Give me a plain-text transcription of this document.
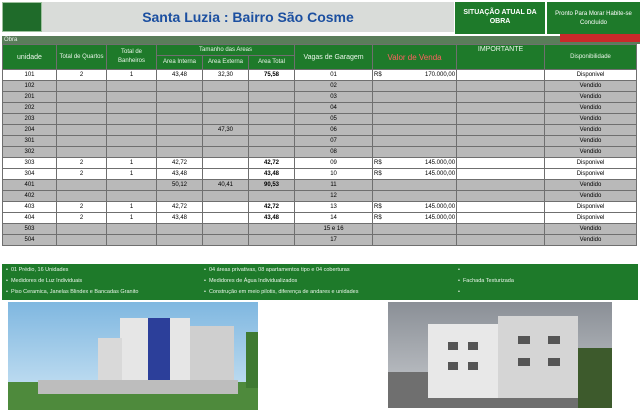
Santa Luzia : Bairro São Cosme	SITUAÇÃO ATUAL DA OBRA
Pronto Para Morar Habite-se Concluído
Obra
unidade	Total de Quartos	Total de Banheiros	Tamanho das Areas			Vagas de Garagem	Valor de Venda	IMPORTANTE	Disponibilidade
			Area Interna	Area Externa	Area Total				
101	2	1	43,48	32,30	75,58	01	R$ 170.000,00		Disponivel
102						02			Vendido
201						03			Vendido
202						04			Vendido
203						05			Vendido
204				47,30		06			Vendido
301						07			Vendido
302						08			Vendido
303	2	1	42,72		42,72	09	R$ 145.000,00		Disponivel
304	2	1	43,48		43,48	10	R$ 145.000,00		Disponivel
401			50,12	40,41	90,53	11			Vendido
402						12			Vendido
403	2	1	42,72		42,72	13	R$ 145.000,00		Disponivel
404	2	1	43,48		43,48	14	R$ 145.000,00		Disponivel
503						15 e 16			Vendido
504						17			Vendido
• 01 Prédio, 16 Unidades	• 04 áreas privativas, 08 apartamentos tipo e 04 coberturas	•
• Medidores de Luz Individuais	• Medidores de Água Individualizados	• Fachada Texturizada
• Piso Ceramica, Janelas Blindex e Bancadas Granito	• Construção em meio pilotis, diferença de andares e unidades	•
